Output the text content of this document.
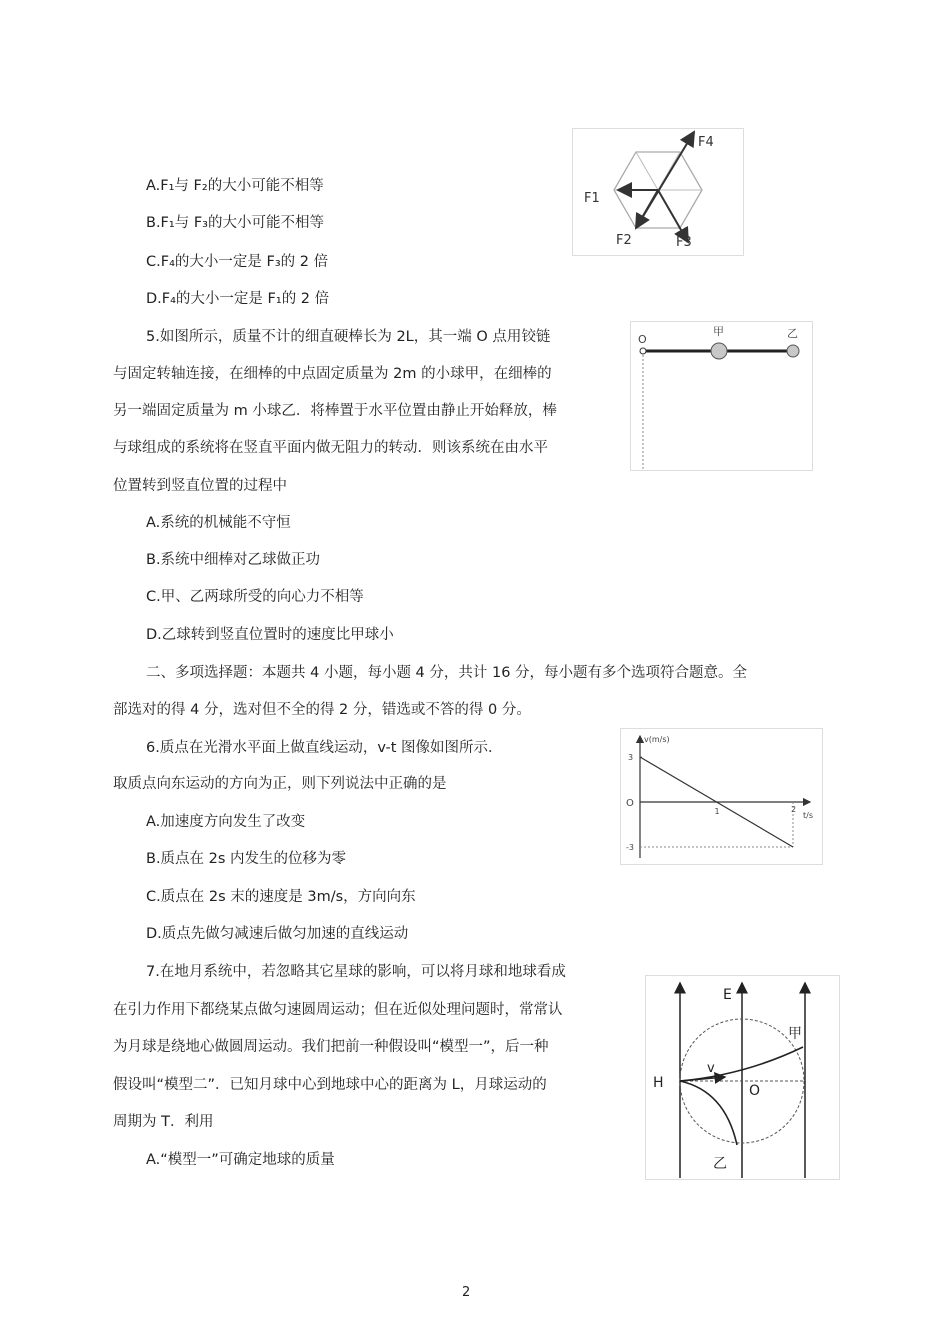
F1
F2	F3
F4
A.F₁与 F₂的大小可能不相等
B.F₁与 F₃的大小可能不相等
C.F₄的大小一定是 F₃的 2 倍
D.F₄的大小一定是 F₁的 2 倍
O
甲	乙
5.如图所示，质量不计的细直硬棒长为 2L，其一端 O 点用铰链
与固定转轴连接，在细棒的中点固定质量为 2m 的小球甲，在细棒的
另一端固定质量为 m 小球乙．将棒置于水平位置由静止开始释放，棒
与球组成的系统将在竖直平面内做无阻力的转动．则该系统在由水平
位置转到竖直位置的过程中
A.系统的机械能不守恒
B.系统中细棒对乙球做正功
C.甲、乙两球所受的向心力不相等
D.乙球转到竖直位置时的速度比甲球小
二、多项选择题：本题共 4 小题，每小题 4 分，共计 16 分，每小题有多个选项符合题意。全
部选对的得 4 分，选对但不全的得 2 分，错选或不答的得 0 分。
v(m/s)
t/s
O
1	2
3
-3
6.质点在光滑水平面上做直线运动，v-t 图像如图所示．
取质点向东运动的方向为正，则下列说法中正确的是
A.加速度方向发生了改变
B.质点在 2s 内发生的位移为零
C.质点在 2s 末的速度是 3m/s，方向向东
D.质点先做匀减速后做匀加速的直线运动
E
H	O
v
甲
乙
7.在地月系统中，若忽略其它星球的影响，可以将月球和地球看成
在引力作用下都绕某点做匀速圆周运动；但在近似处理问题时，常常认
为月球是绕地心做圆周运动。我们把前一种假设叫“模型一”，后一种
假设叫“模型二”．已知月球中心到地球中心的距离为 L，月球运动的
周期为 T．利用
A.“模型一”可确定地球的质量
2
